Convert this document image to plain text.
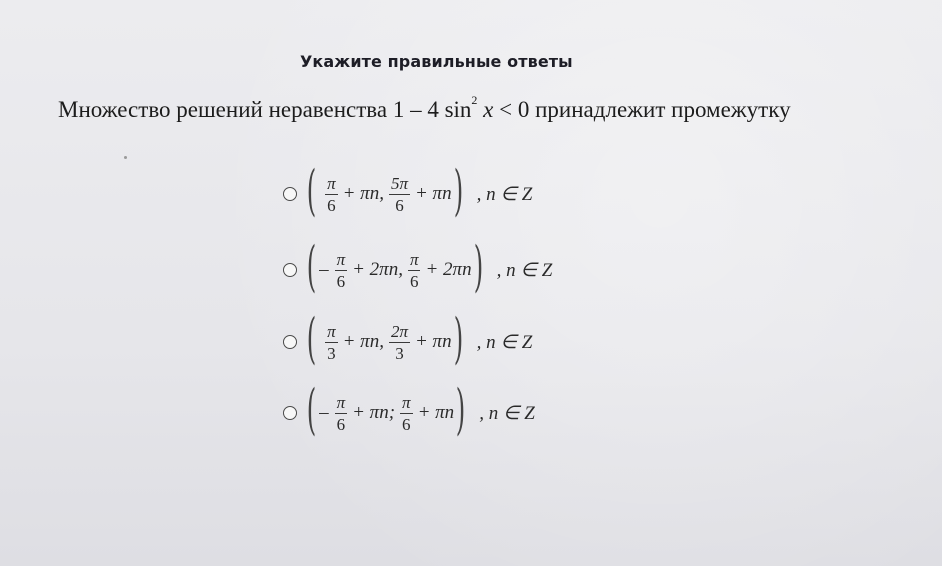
Укажите правильные ответы
Множество решений неравенства 1 – 4 $\sin^2 x < 0$ принадлежит промежутку
( $\frac{\pi}{6} + \pi n$, $\frac{5\pi}{6} + \pi n$ ) , n ∈ Z
( – $\frac{\pi}{6} + 2\pi n$, $\frac{\pi}{6} + 2\pi n$ ) , n ∈ Z
( $\frac{\pi}{3} + \pi n$, $\frac{2\pi}{3} + \pi n$ ) , n ∈ Z
( – $\frac{\pi}{6} + \pi n$; $\frac{\pi}{6} + \pi n$ ) , n ∈ Z
